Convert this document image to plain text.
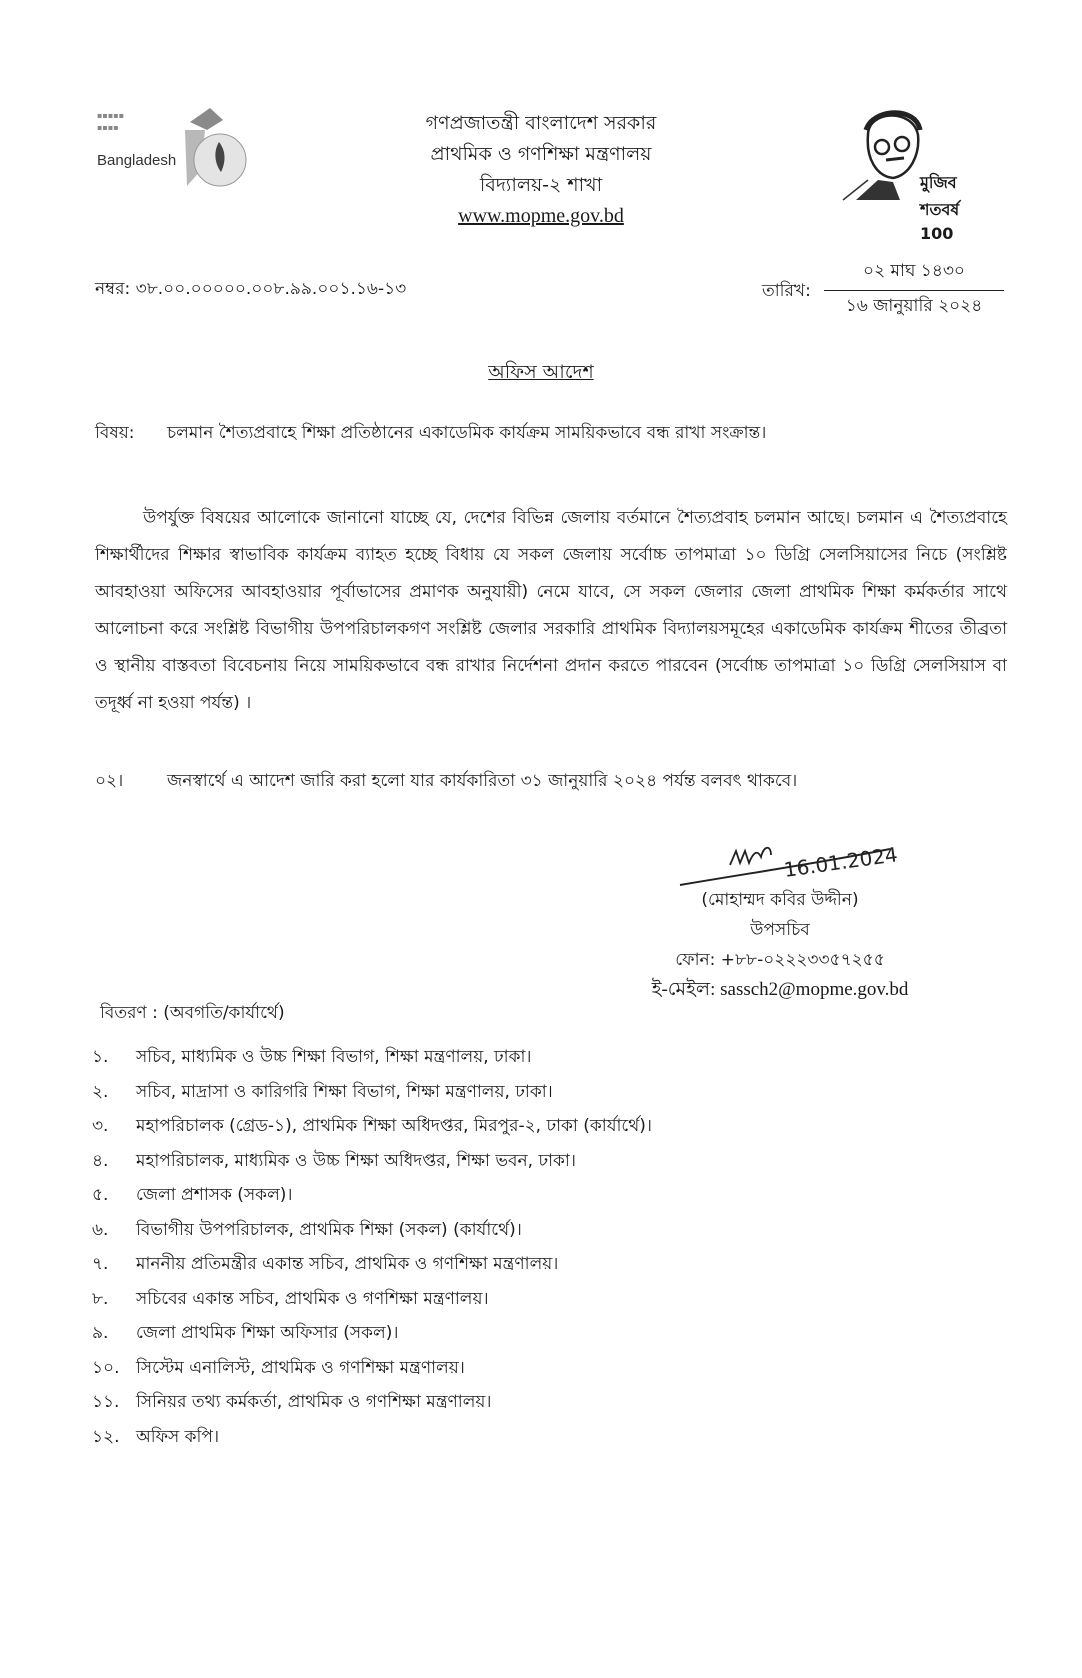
▪▪▪▪▪
▪▪▪▪
Bangladesh
গণপ্রজাতন্ত্রী বাংলাদেশ সরকার
প্রাথমিক ও গণশিক্ষা মন্ত্রণালয়
বিদ্যালয়-২ শাখা
www.mopme.gov.bd
মুজিব শতবর্ষ 100
নম্বর: ৩৮.০০.০০০০০.০০৮.৯৯.০০১.১৬-১৩	তারিখ:
০২ মাঘ ১৪৩০
১৬ জানুয়ারি ২০২৪
অফিস আদেশ
বিষয়: চলমান শৈত্যপ্রবাহে শিক্ষা প্রতিষ্ঠানের একাডেমিক কার্যক্রম সাময়িকভাবে বন্ধ রাখা সংক্রান্ত।
উপর্যুক্ত বিষয়ের আলোকে জানানো যাচ্ছে যে, দেশের বিভিন্ন জেলায় বর্তমানে শৈত্যপ্রবাহ চলমান আছে। চলমান এ শৈত্যপ্রবাহে শিক্ষার্থীদের শিক্ষার স্বাভাবিক কার্যক্রম ব্যাহত হচ্ছে বিধায় যে সকল জেলায় সর্বোচ্চ তাপমাত্রা ১০ ডিগ্রি সেলসিয়াসের নিচে (সংশ্লিষ্ট আবহাওয়া অফিসের আবহাওয়ার পূর্বাভাসের প্রমাণক অনুযায়ী) নেমে যাবে, সে সকল জেলার জেলা প্রাথমিক শিক্ষা কর্মকর্তার সাথে আলোচনা করে সংশ্লিষ্ট বিভাগীয় উপপরিচালকগণ সংশ্লিষ্ট জেলার সরকারি প্রাথমিক বিদ্যালয়সমূহের একাডেমিক কার্যক্রম শীতের তীব্রতা ও স্থানীয় বাস্তবতা বিবেচনায় নিয়ে সাময়িকভাবে বন্ধ রাখার নির্দেশনা প্রদান করতে পারবেন (সর্বোচ্চ তাপমাত্রা ১০ ডিগ্রি সেলসিয়াস বা তদূর্ধ্ব না হওয়া পর্যন্ত) ।
০২।	জনস্বার্থে এ আদেশ জারি করা হলো যার কার্যকারিতা ৩১ জানুয়ারি ২০২৪ পর্যন্ত বলবৎ থাকবে।
16.01.2024
(মোহাম্মদ কবির উদ্দীন)
উপসচিব
ফোন: +৮৮-০২২২৩৩৫৭২৫৫
ই-মেইল: sassch2@mopme.gov.bd
বিতরণ : (অবগতি/কার্যার্থে)
১. সচিব, মাধ্যমিক ও উচ্চ শিক্ষা বিভাগ, শিক্ষা মন্ত্রণালয়, ঢাকা।
২. সচিব, মাদ্রাসা ও কারিগরি শিক্ষা বিভাগ, শিক্ষা মন্ত্রণালয়, ঢাকা।
৩. মহাপরিচালক (গ্রেড-১), প্রাথমিক শিক্ষা অধিদপ্তর, মিরপুর-২, ঢাকা (কার্যার্থে)।
৪. মহাপরিচালক, মাধ্যমিক ও উচ্চ শিক্ষা অধিদপ্তর, শিক্ষা ভবন, ঢাকা।
৫. জেলা প্রশাসক (সকল)।
৬. বিভাগীয় উপপরিচালক, প্রাথমিক শিক্ষা (সকল) (কার্যার্থে)।
৭. মাননীয় প্রতিমন্ত্রীর একান্ত সচিব, প্রাথমিক ও গণশিক্ষা মন্ত্রণালয়।
৮. সচিবের একান্ত সচিব, প্রাথমিক ও গণশিক্ষা মন্ত্রণালয়।
৯. জেলা প্রাথমিক শিক্ষা অফিসার (সকল)।
১০. সিস্টেম এনালিস্ট, প্রাথমিক ও গণশিক্ষা মন্ত্রণালয়।
১১. সিনিয়র তথ্য কর্মকর্তা, প্রাথমিক ও গণশিক্ষা মন্ত্রণালয়।
১২. অফিস কপি।
